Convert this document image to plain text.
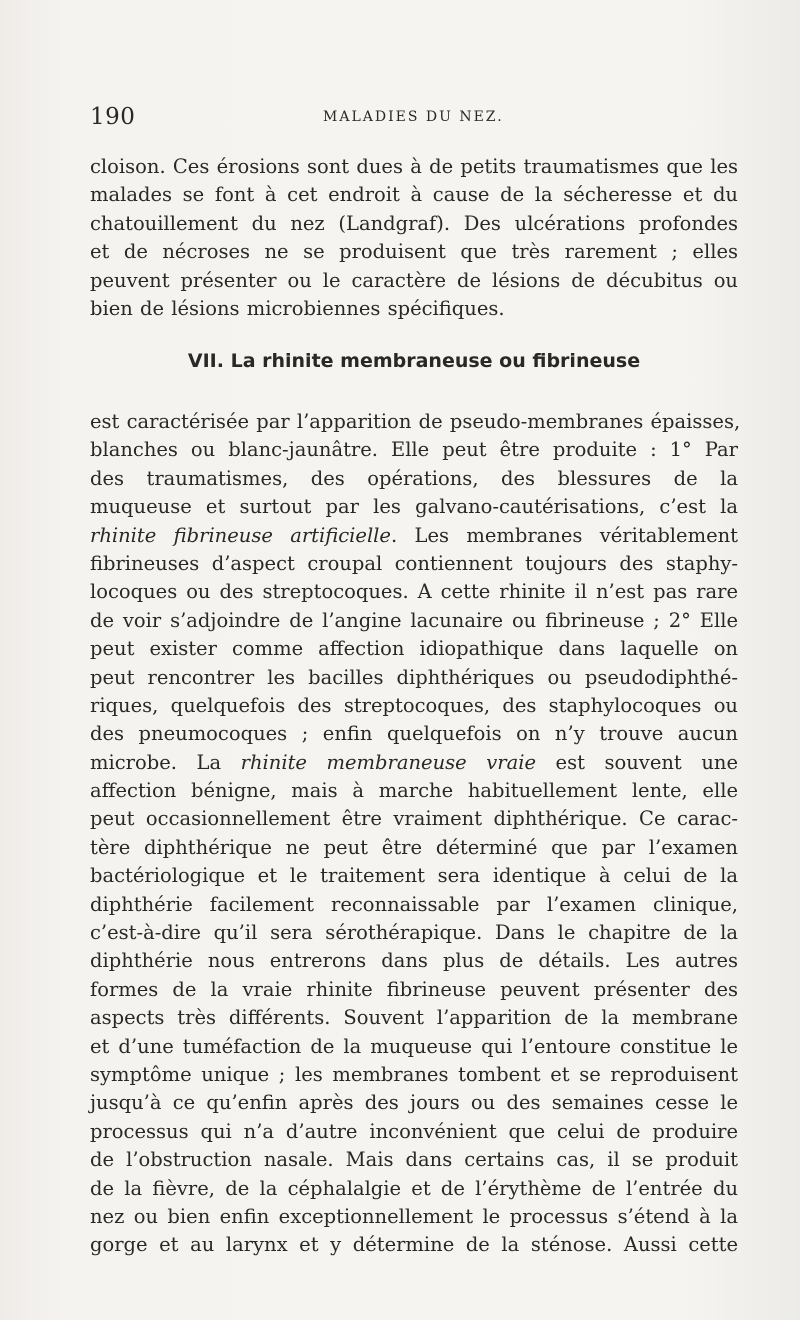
190	MALADIES DU NEZ.
cloison. Ces érosions sont dues à de petits traumatismes que les
malades se font à cet endroit à cause de la sécheresse et du
chatouillement du nez (Landgraf). Des ulcérations profondes
et de nécroses ne se produisent que très rarement ; elles
peuvent présenter ou le caractère de lésions de décubitus ou
bien de lésions microbiennes spécifiques.
VII. La rhinite membraneuse ou fibrineuse
est caractérisée par l’apparition de pseudo-membranes épaisses,
blanches ou blanc-jaunâtre. Elle peut être produite : 1° Par
des traumatismes, des opérations, des blessures de la
muqueuse et surtout par les galvano-cautérisations, c’est la
rhinite fibrineuse artificielle. Les membranes véritablement
fibrineuses d’aspect croupal contiennent toujours des staphy-
locoques ou des streptocoques. A cette rhinite il n’est pas rare
de voir s’adjoindre de l’angine lacunaire ou fibrineuse ; 2° Elle
peut exister comme affection idiopathique dans laquelle on
peut rencontrer les bacilles diphthériques ou pseudodiphthé-
riques, quelquefois des streptocoques, des staphylocoques ou
des pneumocoques ; enfin quelquefois on n’y trouve aucun
microbe. La rhinite membraneuse vraie est souvent une
affection bénigne, mais à marche habituellement lente, elle
peut occasionnellement être vraiment diphthérique. Ce carac-
tère diphthérique ne peut être déterminé que par l’examen
bactériologique et le traitement sera identique à celui de la
diphthérie facilement reconnaissable par l’examen clinique,
c’est-à-dire qu’il sera sérothérapique. Dans le chapitre de la
diphthérie nous entrerons dans plus de détails. Les autres
formes de la vraie rhinite fibrineuse peuvent présenter des
aspects très différents. Souvent l’apparition de la membrane
et d’une tuméfaction de la muqueuse qui l’entoure constitue le
symptôme unique ; les membranes tombent et se reproduisent
jusqu’à ce qu’enfin après des jours ou des semaines cesse le
processus qui n’a d’autre inconvénient que celui de produire
de l’obstruction nasale. Mais dans certains cas, il se produit
de la fièvre, de la céphalalgie et de l’érythème de l’entrée du
nez ou bien enfin exceptionnellement le processus s’étend à la
gorge et au larynx et y détermine de la sténose. Aussi cette
